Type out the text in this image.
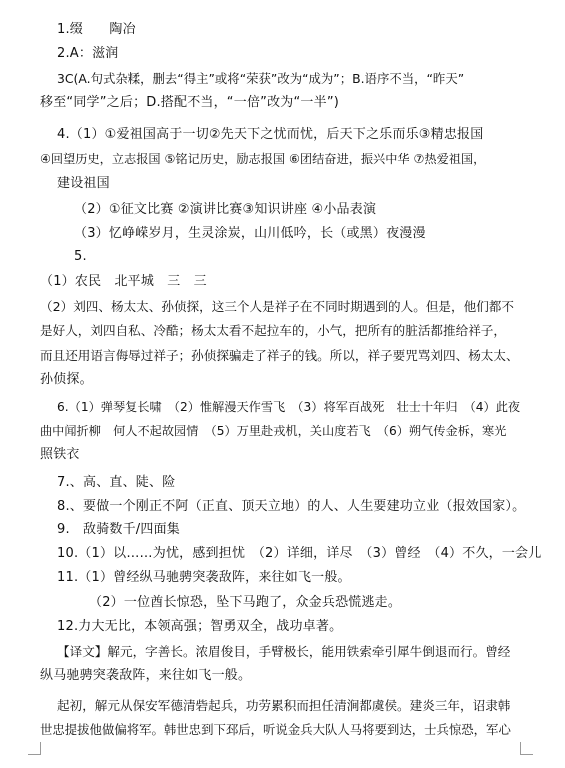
1.缀　　陶冶

2.A：滋润

3C(A.句式杂糅，删去“得主”或将“荣获”改为“成为”；B.语序不当，“昨天”

移至“同学”之后；D.搭配不当，“一倍”改为“一半”)

4.（1）①爱祖国高于一切②先天下之忧而忧，后天下之乐而乐③精忠报国

④回望历史，立志报国 ⑤铭记历史，励志报国 ⑥团结奋进，振兴中华 ⑦热爱祖国，

建设祖国

（2）①征文比赛 ②演讲比赛③知识讲座 ④小品表演

（3）忆峥嵘岁月，生灵涂炭，山川低吟，长（或黑）夜漫漫

5.

（1）农民　北平城　三　三

（2）刘四、杨太太、孙侦探，这三个人是祥子在不同时期遇到的人。但是，他们都不

是好人，刘四自私、冷酷；杨太太看不起拉车的，小气，把所有的脏活都推给祥子，

而且还用语言侮辱过祥子；孙侦探骗走了祥子的钱。所以，祥子要咒骂刘四、杨太太、

孙侦探。

6.（1）弹琴复长啸　（2）惟解漫天作雪飞　（3）将军百战死　壮士十年归　（4）此夜

曲中闻折柳　何人不起故园情　（5）万里赴戎机，关山度若飞　（6）朔气传金柝，寒光

照铁衣

7.、高、直、陡、险

8.、要做一个刚正不阿（正直、顶天立地）的人、人生要建功立业（报效国家）。

9.　敌骑数千/四面集

10.（1）以……为忧，感到担忧　（2）详细，详尽　（3）曾经　（4）不久，一会儿

11.（1）曾经纵马驰骋突袭敌阵，来往如飞一般。

（2）一位酋长惊恐，坠下马跑了，众金兵恐慌逃走。

12.力大无比，本领高强；智勇双全，战功卓著。

【译文】解元，字善长。浓眉俊目，手臂极长，能用铁索牵引犀牛倒退而行。曾经

纵马驰骋突袭敌阵，来往如飞一般。

起初，解元从保安军德清砦起兵，功劳累积而担任清涧都虞侯。建炎三年，诏隶韩

世忠提拔他做偏将军。韩世忠到下邳后，听说金兵大队人马将要到达，士兵惊恐，军心
